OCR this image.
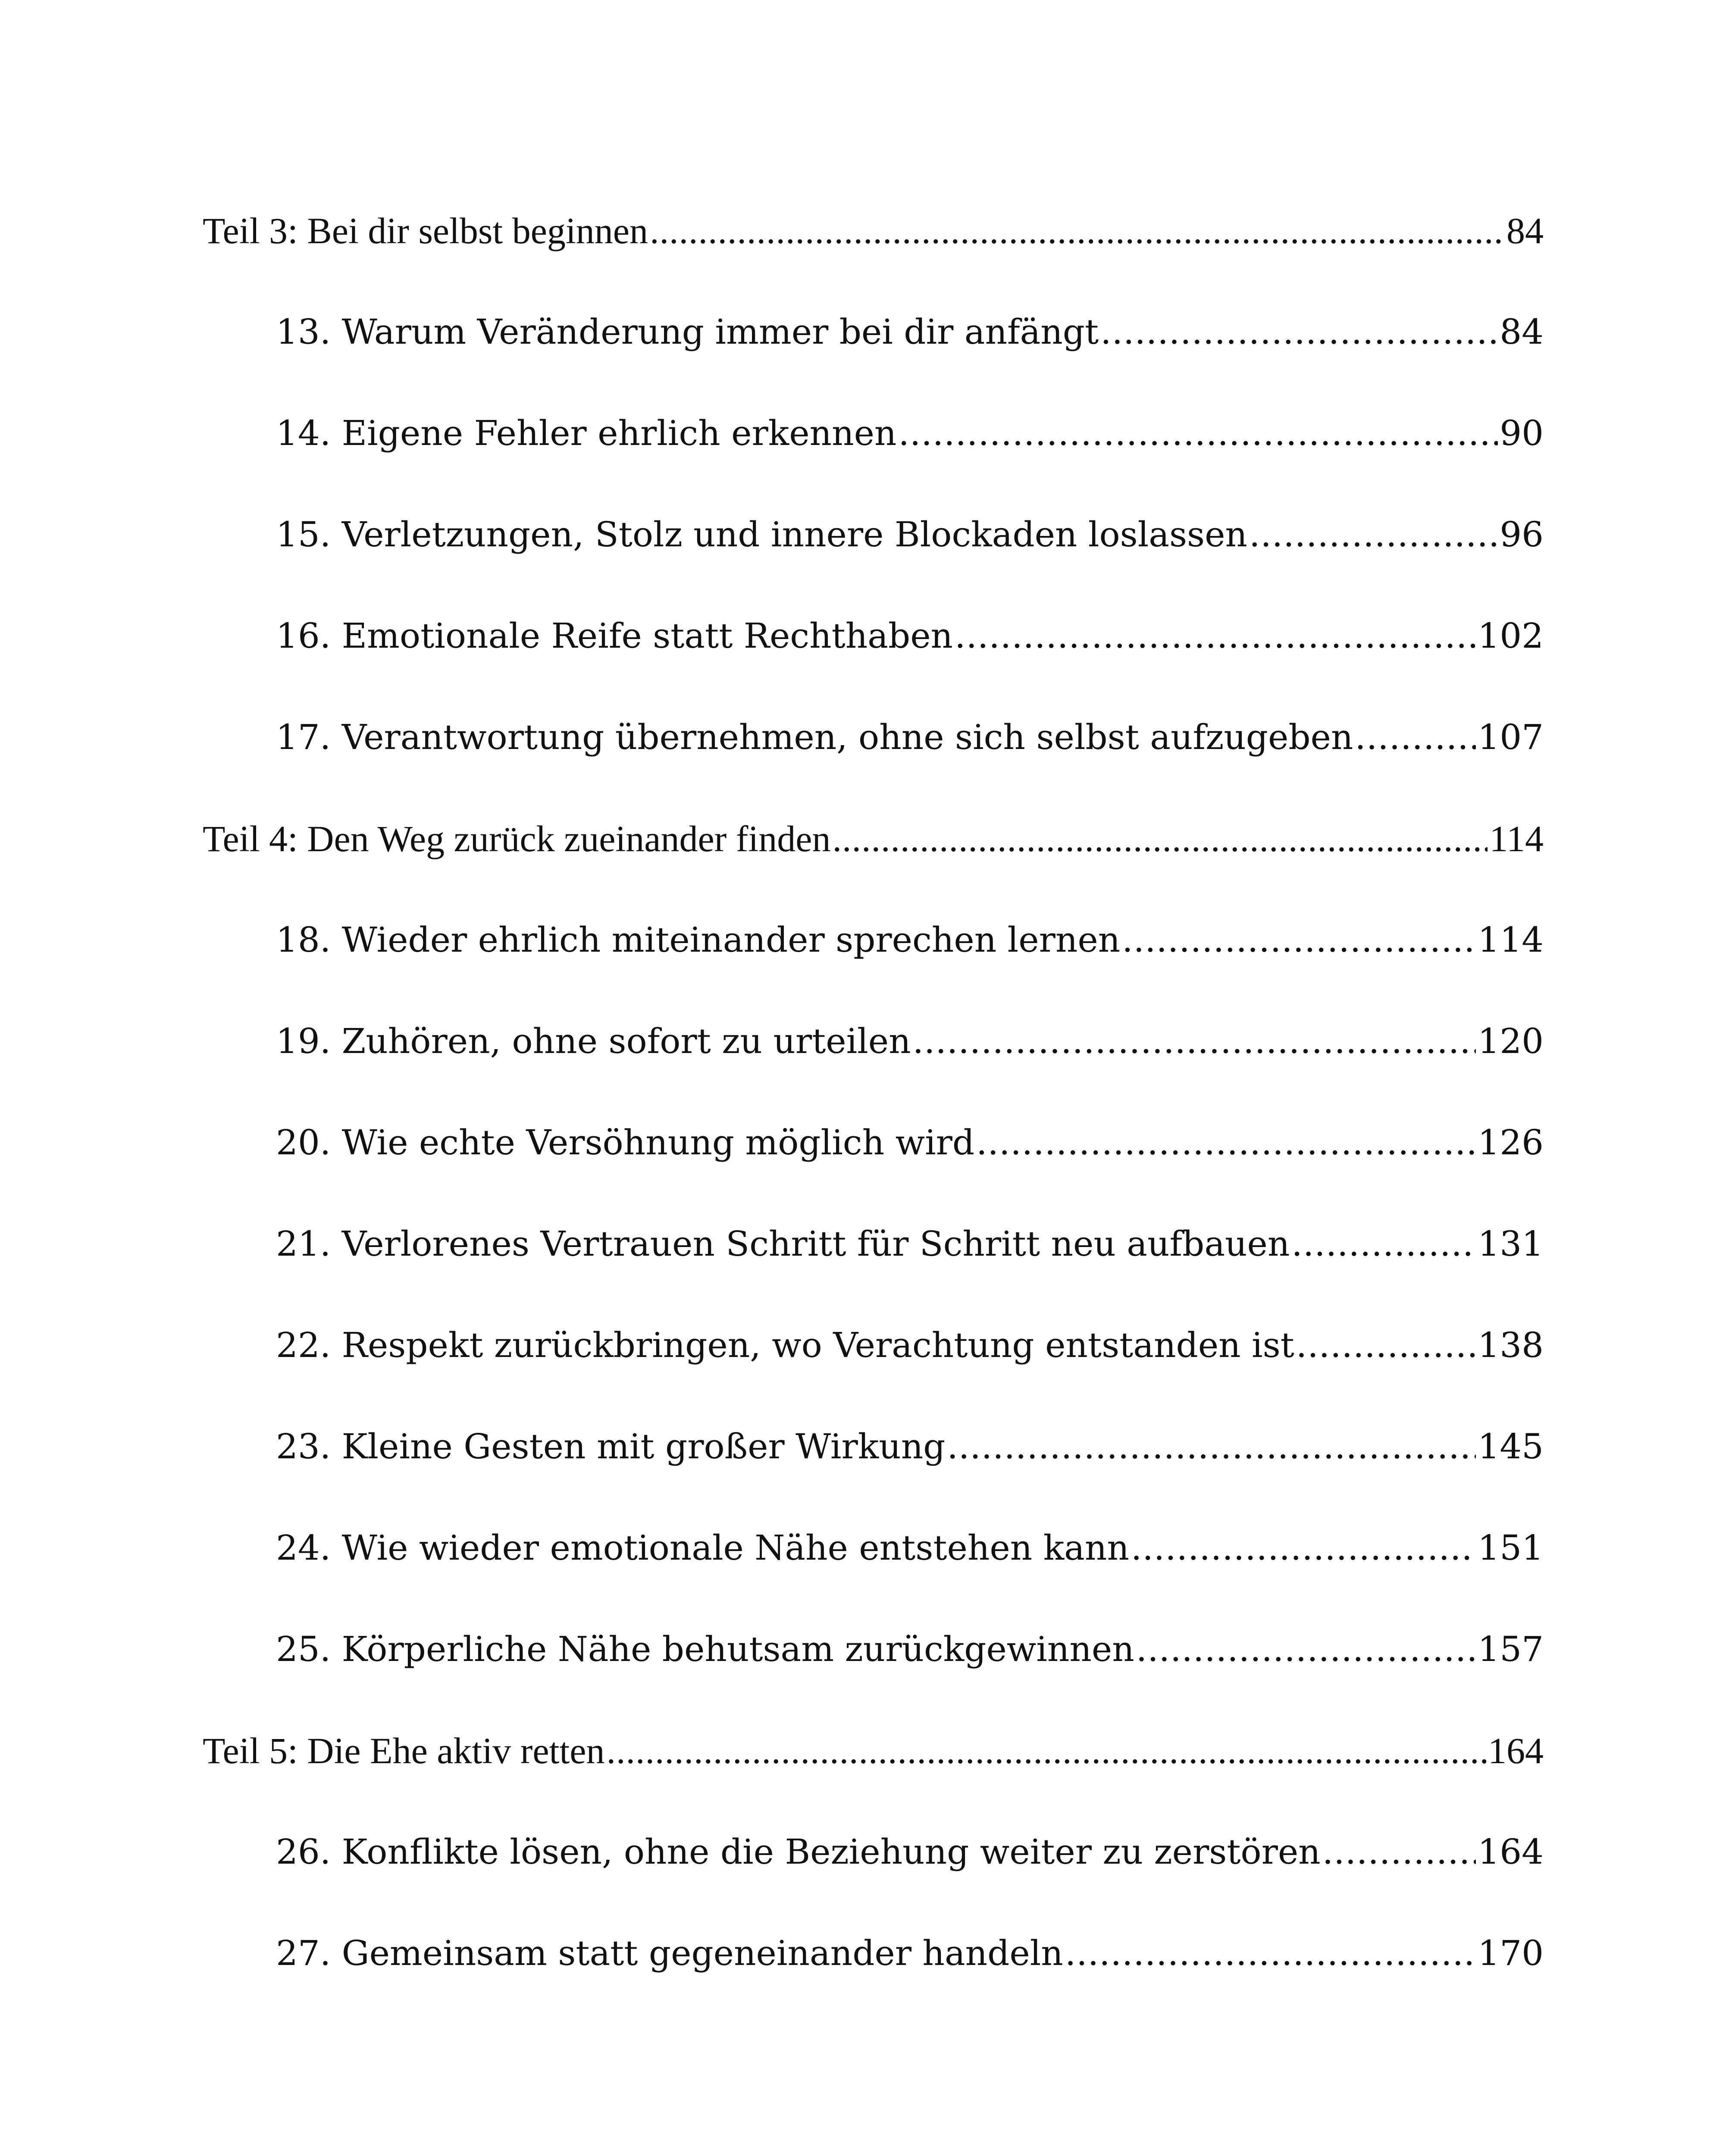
Teil 3: Bei dir selbst beginnen .....	84
13. Warum Veränderung immer bei dir anfängt .....	84
14. Eigene Fehler ehrlich erkennen .....	90
15. Verletzungen, Stolz und innere Blockaden loslassen .....	96
16. Emotionale Reife statt Rechthaben .....	102
17. Verantwortung übernehmen, ohne sich selbst aufzugeben .....	107
Teil 4: Den Weg zurück zueinander finden .....	114
18. Wieder ehrlich miteinander sprechen lernen .....	114
19. Zuhören, ohne sofort zu urteilen .....	120
20. Wie echte Versöhnung möglich wird .....	126
21. Verlorenes Vertrauen Schritt für Schritt neu aufbauen .....	131
22. Respekt zurückbringen, wo Verachtung entstanden ist .....	138
23. Kleine Gesten mit großer Wirkung .....	145
24. Wie wieder emotionale Nähe entstehen kann .....	151
25. Körperliche Nähe behutsam zurückgewinnen .....	157
Teil 5: Die Ehe aktiv retten .....	164
26. Konflikte lösen, ohne die Beziehung weiter zu zerstören .....	164
27. Gemeinsam statt gegeneinander handeln .....	170
